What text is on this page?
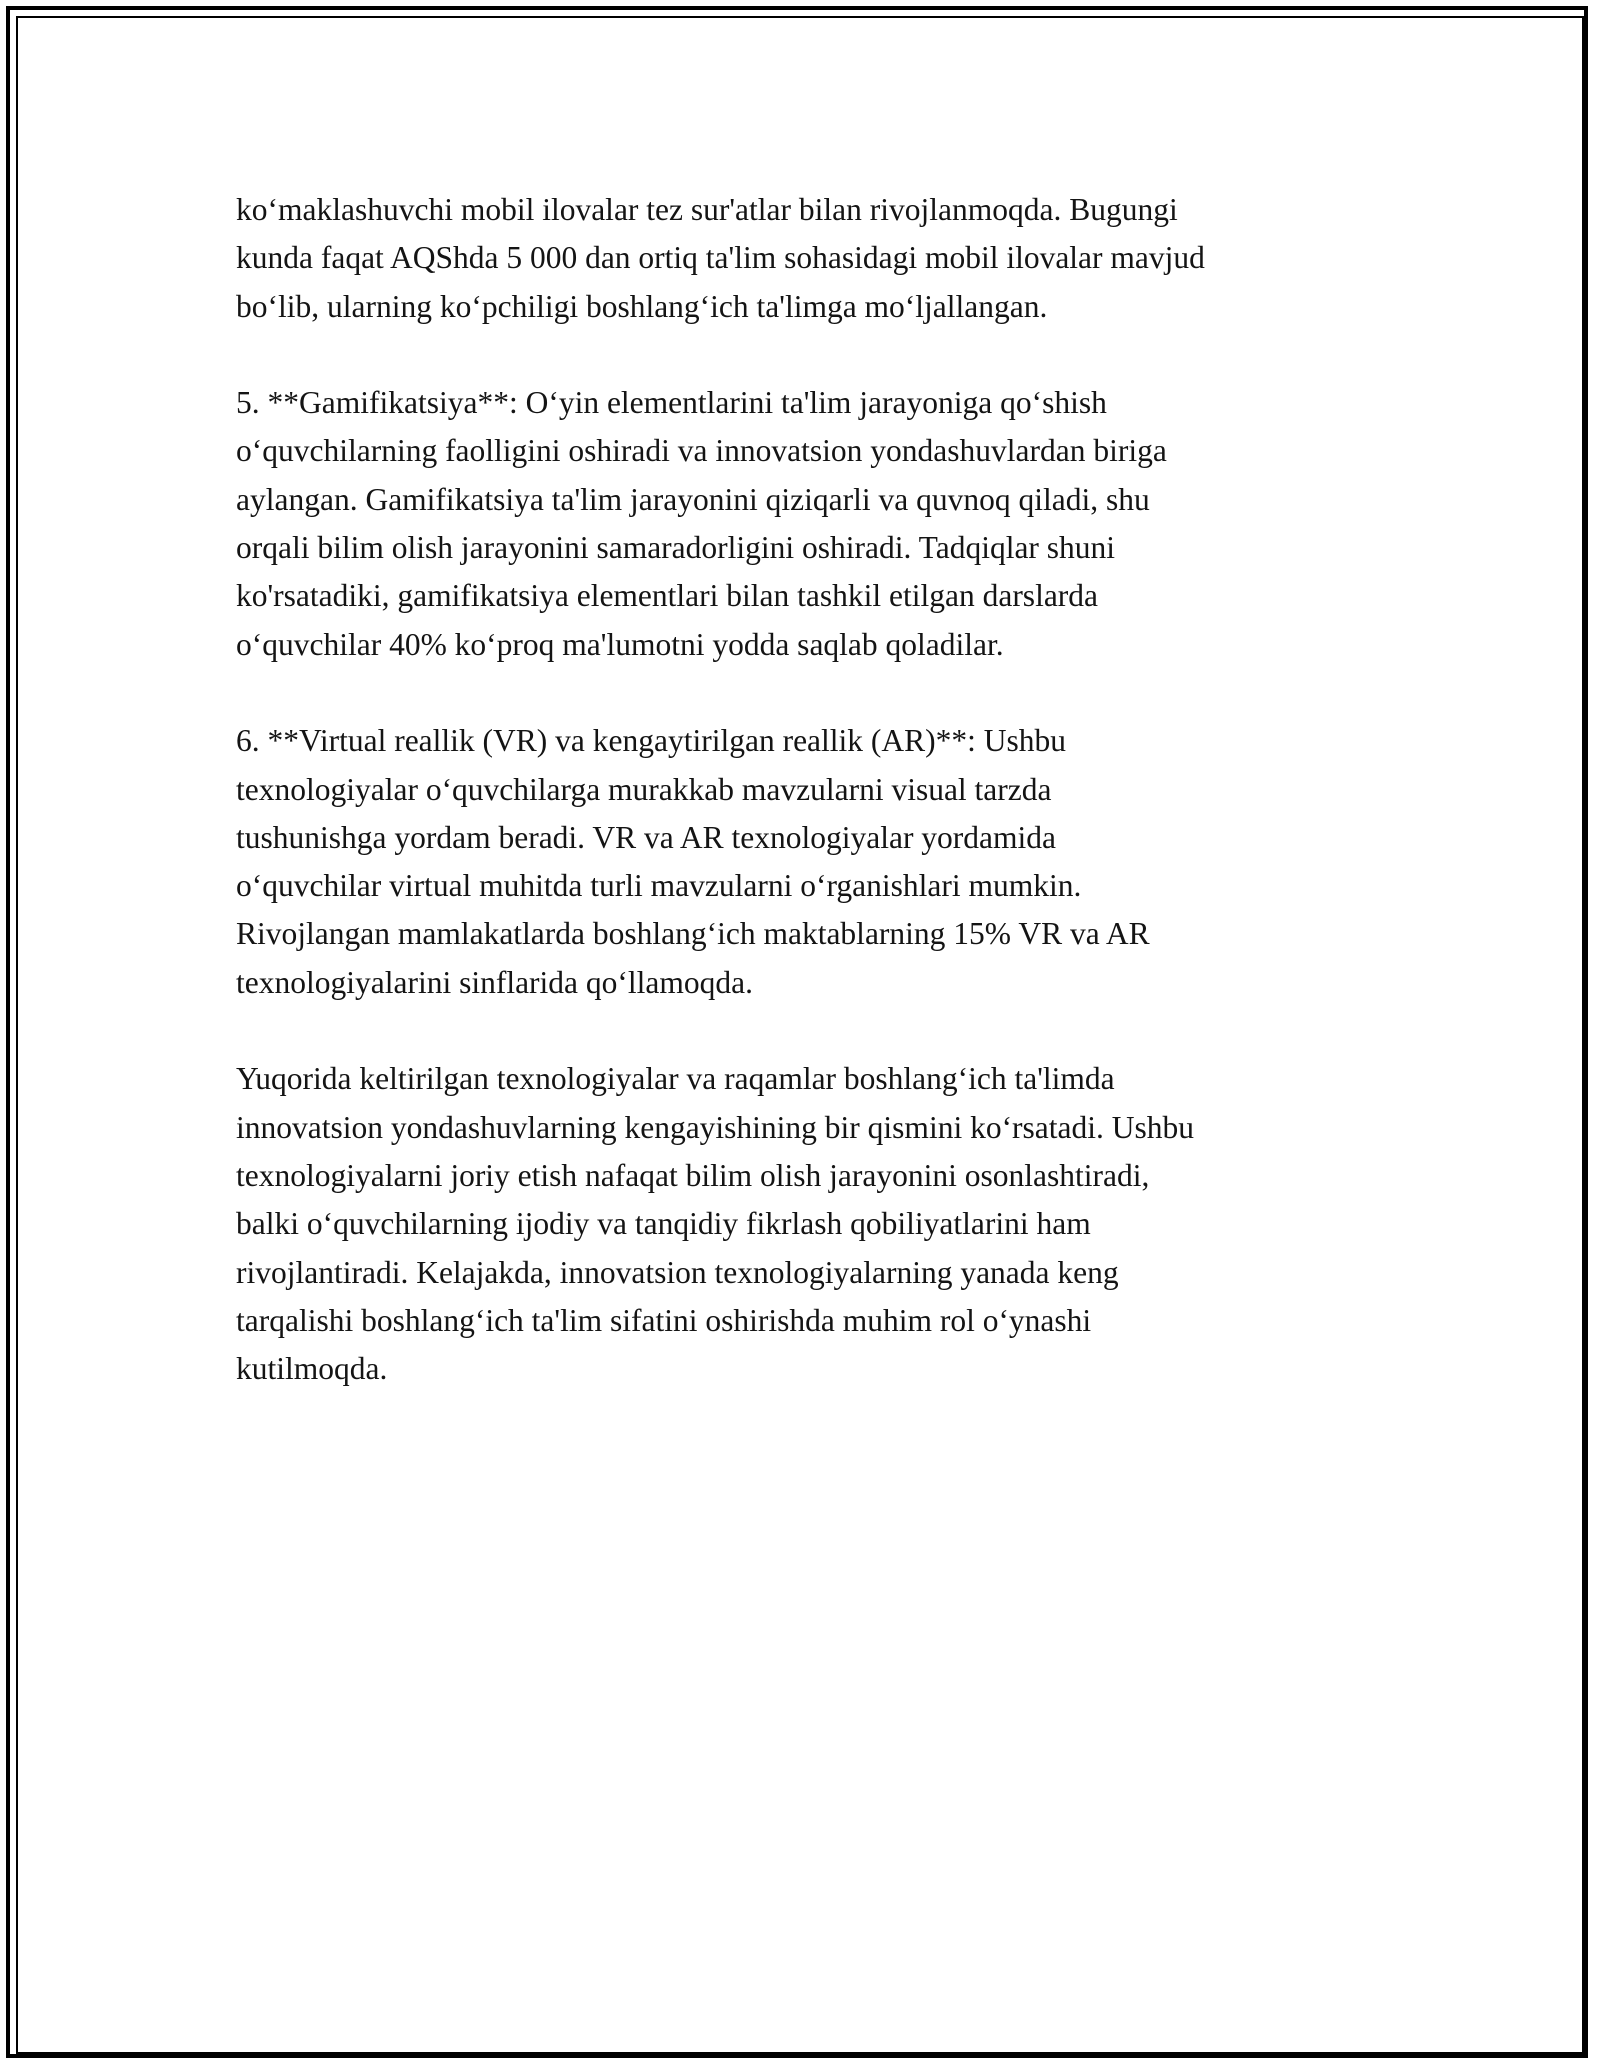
ko‘maklashuvchi mobil ilovalar tez sur'atlar bilan rivojlanmoqda. Bugungi
kunda faqat AQShda 5 000 dan ortiq ta'lim sohasidagi mobil ilovalar mavjud
bo‘lib, ularning ko‘pchiligi boshlang‘ich ta'limga mo‘ljallangan.

5. **Gamifikatsiya**: O‘yin elementlarini ta'lim jarayoniga qo‘shish
o‘quvchilarning faolligini oshiradi va innovatsion yondashuvlardan biriga
aylangan. Gamifikatsiya ta'lim jarayonini qiziqarli va quvnoq qiladi, shu
orqali bilim olish jarayonini samaradorligini oshiradi. Tadqiqlar shuni
ko'rsatadiki, gamifikatsiya elementlari bilan tashkil etilgan darslarda
o‘quvchilar 40% ko‘proq ma'lumotni yodda saqlab qoladilar.

6. **Virtual reallik (VR) va kengaytirilgan reallik (AR)**: Ushbu
texnologiyalar o‘quvchilarga murakkab mavzularni visual tarzda
tushunishga yordam beradi. VR va AR texnologiyalar yordamida
o‘quvchilar virtual muhitda turli mavzularni o‘rganishlari mumkin.
Rivojlangan mamlakatlarda boshlang‘ich maktablarning 15% VR va AR
texnologiyalarini sinflarida qo‘llamoqda.

Yuqorida keltirilgan texnologiyalar va raqamlar boshlang‘ich ta'limda
innovatsion yondashuvlarning kengayishining bir qismini ko‘rsatadi. Ushbu
texnologiyalarni joriy etish nafaqat bilim olish jarayonini osonlashtiradi,
balki o‘quvchilarning ijodiy va tanqidiy fikrlash qobiliyatlarini ham
rivojlantiradi. Kelajakda, innovatsion texnologiyalarning yanada keng
tarqalishi boshlang‘ich ta'lim sifatini oshirishda muhim rol o‘ynashi
kutilmoqda.
